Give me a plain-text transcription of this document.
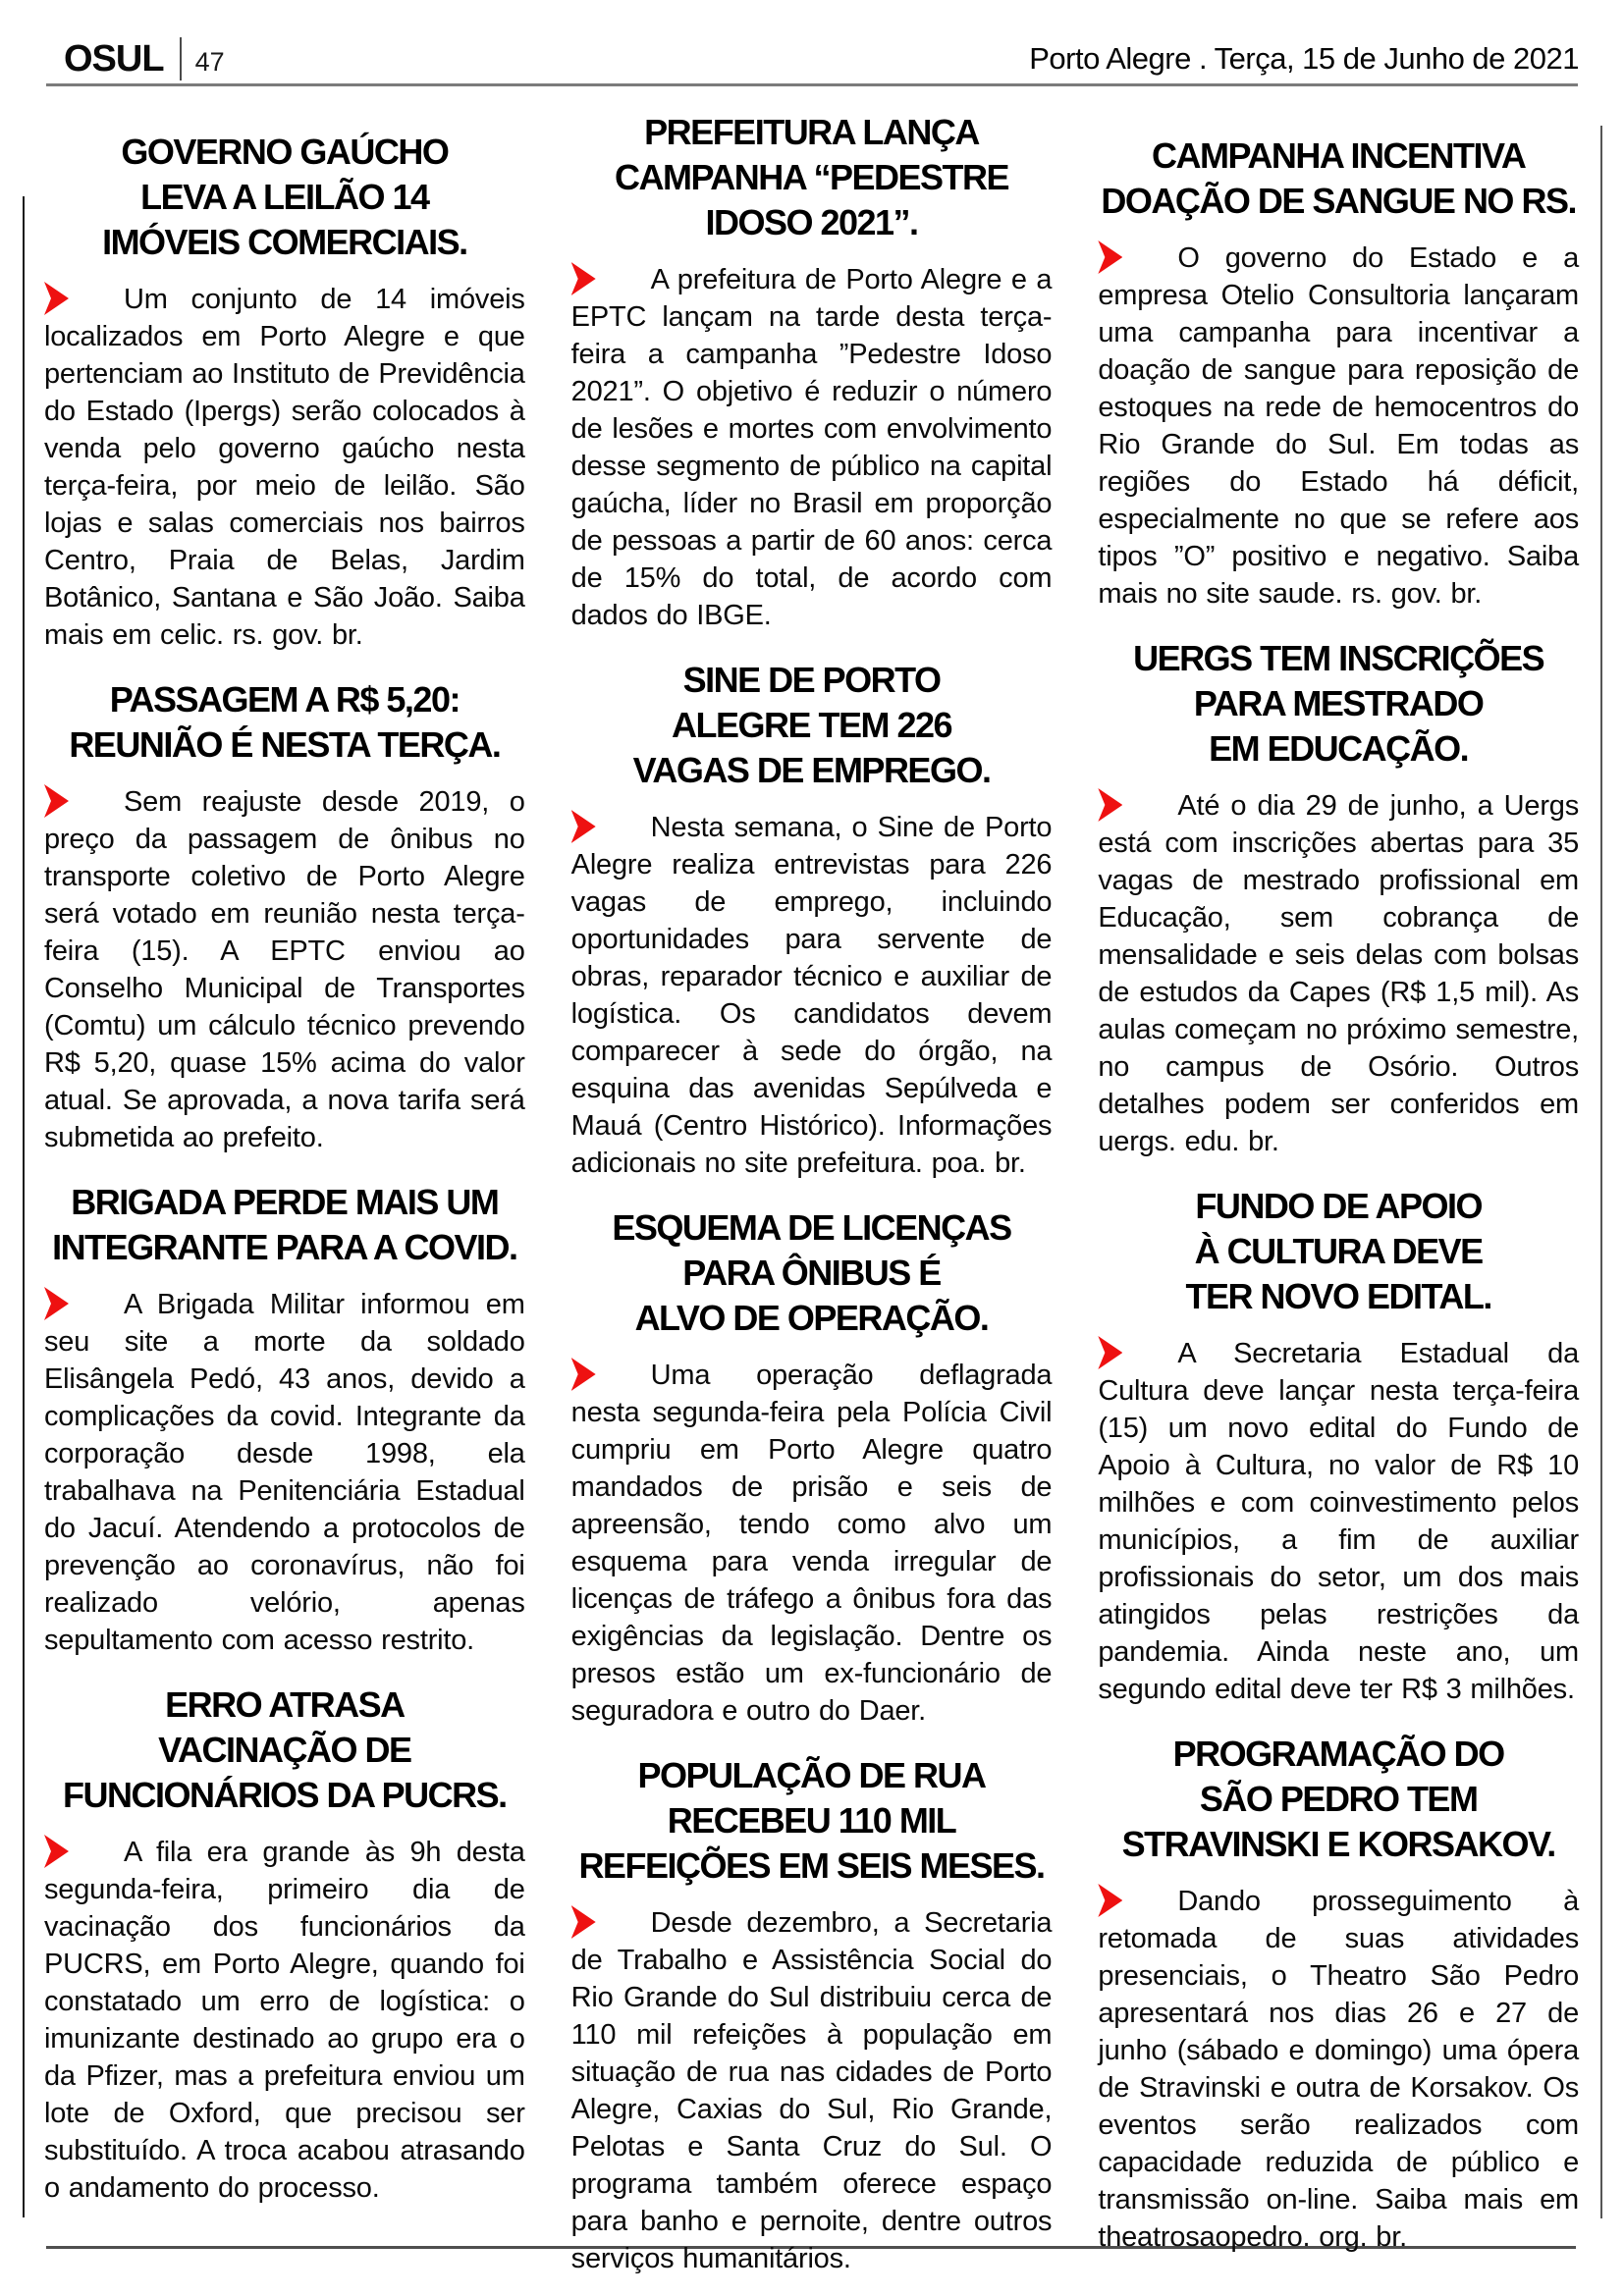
OSUL 47	Porto Alegre . Terça, 15 de Junho de 2021
GOVERNO GAÚCHO LEVA A LEILÃO 14 IMÓVEIS COMERCIAIS.

Um conjunto de 14 imóveis localizados em Porto Alegre e que pertenciam ao Instituto de Previdência do Estado (Ipergs) serão colocados à venda pelo governo gaúcho nesta terça-feira, por meio de leilão. São lojas e salas comerciais nos bairros Centro, Praia de Belas, Jardim Botânico, Santana e São João. Saiba mais em celic. rs. gov. br.

PASSAGEM A R$ 5,20: REUNIÃO É NESTA TERÇA.

Sem reajuste desde 2019, o preço da passagem de ônibus no transporte coletivo de Porto Alegre será votado em reunião nesta terça-feira (15). A EPTC enviou ao Conselho Municipal de Transportes (Comtu) um cálculo técnico prevendo R$ 5,20, quase 15% acima do valor atual. Se aprovada, a nova tarifa será submetida ao prefeito.

BRIGADA PERDE MAIS UM INTEGRANTE PARA A COVID.

A Brigada Militar informou em seu site a morte da soldado Elisângela Pedó, 43 anos, devido a complicações da covid. Integrante da corporação desde 1998, ela trabalhava na Penitenciária Estadual do Jacuí. Atendendo a protocolos de prevenção ao coronavírus, não foi realizado velório, apenas sepultamento com acesso restrito.

ERRO ATRASA VACINAÇÃO DE FUNCIONÁRIOS DA PUCRS.

A fila era grande às 9h desta segunda-feira, primeiro dia de vacinação dos funcionários da PUCRS, em Porto Alegre, quando foi constatado um erro de logística: o imunizante destinado ao grupo era o da Pfizer, mas a prefeitura enviou um lote de Oxford, que precisou ser substituído. A troca acabou atrasando o andamento do processo.

PREFEITURA LANÇA CAMPANHA “PEDESTRE IDOSO 2021”.

A prefeitura de Porto Alegre e a EPTC lançam na tarde desta terça-feira a campanha ”Pedestre Idoso 2021”. O objetivo é reduzir o número de lesões e mortes com envolvimento desse segmento de público na capital gaúcha, líder no Brasil em proporção de pessoas a partir de 60 anos: cerca de 15% do total, de acordo com dados do IBGE.

SINE DE PORTO ALEGRE TEM 226 VAGAS DE EMPREGO.

Nesta semana, o Sine de Porto Alegre realiza entrevistas para 226 vagas de emprego, incluindo oportunidades para servente de obras, reparador técnico e auxiliar de logística. Os candidatos devem comparecer à sede do órgão, na esquina das avenidas Sepúlveda e Mauá (Centro Histórico). Informações adicionais no site prefeitura. poa. br.

ESQUEMA DE LICENÇAS PARA ÔNIBUS É ALVO DE OPERAÇÃO.

Uma operação deflagrada nesta segunda-feira pela Polícia Civil cumpriu em Porto Alegre quatro mandados de prisão e seis de apreensão, tendo como alvo um esquema para venda irregular de licenças de tráfego a ônibus fora das exigências da legislação. Dentre os presos estão um ex-funcionário de seguradora e outro do Daer.

POPULAÇÃO DE RUA RECEBEU 110 MIL REFEIÇÕES EM SEIS MESES.

Desde dezembro, a Secretaria de Trabalho e Assistência Social do Rio Grande do Sul distribuiu cerca de 110 mil refeições à população em situação de rua nas cidades de Porto Alegre, Caxias do Sul, Rio Grande, Pelotas e Santa Cruz do Sul. O programa também oferece espaço para banho e pernoite, dentre outros serviços humanitários.

CAMPANHA INCENTIVA DOAÇÃO DE SANGUE NO RS.

O governo do Estado e a empresa Otelio Consultoria lançaram uma campanha para incentivar a doação de sangue para reposição de estoques na rede de hemocentros do Rio Grande do Sul. Em todas as regiões do Estado há déficit, especialmente no que se refere aos tipos ”O” positivo e negativo. Saiba mais no site saude. rs. gov. br.

UERGS TEM INSCRIÇÕES PARA MESTRADO EM EDUCAÇÃO.

Até o dia 29 de junho, a Uergs está com inscrições abertas para 35 vagas de mestrado profissional em Educação, sem cobrança de mensalidade e seis delas com bolsas de estudos da Capes (R$ 1,5 mil). As aulas começam no próximo semestre, no campus de Osório. Outros detalhes podem ser conferidos em uergs. edu. br.

FUNDO DE APOIO À CULTURA DEVE TER NOVO EDITAL.

A Secretaria Estadual da Cultura deve lançar nesta terça-feira (15) um novo edital do Fundo de Apoio à Cultura, no valor de R$ 10 milhões e com coinvestimento pelos municípios, a fim de auxiliar profissionais do setor, um dos mais atingidos pelas restrições da pandemia. Ainda neste ano, um segundo edital deve ter R$ 3 milhões.

PROGRAMAÇÃO DO SÃO PEDRO TEM STRAVINSKI E KORSAKOV.

Dando prosseguimento à retomada de suas atividades presenciais, o Theatro São Pedro apresentará nos dias 26 e 27 de junho (sábado e domingo) uma ópera de Stravinski e outra de Korsakov. Os eventos serão realizados com capacidade reduzida de público e transmissão on-line. Saiba mais em theatrosaopedro. org. br.
